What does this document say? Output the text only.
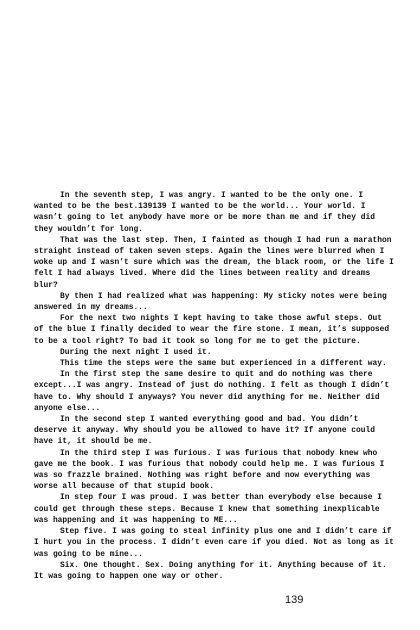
In the seventh step, I was angry. I wanted to be the only one. I wanted to be the best.139139 I wanted to be the world... Your world. I wasn’t going to let anybody have more or be more than me and if they did they wouldn’t for long.

That was the last step. Then, I fainted as though I had run a marathon straight instead of taken seven steps. Again the lines were blurred when I woke up and I wasn’t sure which was the dream, the black room, or the life I felt I had always lived. Where did the lines between reality and dreams blur?

By then I had realized what was happening: My sticky notes were being answered in my dreams...

For the next two nights I kept having to take those awful steps. Out of the blue I finally decided to wear the fire stone. I mean, it’s supposed to be a tool right? To bad it took so long for me to get the picture.

During the next night I used it.

This time the steps were the same but experienced in a different way.

In the first step the same desire to quit and do nothing was there except...I was angry. Instead of just do nothing. I felt as though I didn’t have to. Why should I anyways? You never did anything for me. Neither did anyone else...

In the second step I wanted everything good and bad. You didn’t deserve it anyway. Why should you be allowed to have it? If anyone could have it, it should be me.

In the third step I was furious. I was furious that nobody knew who gave me the book. I was furious that nobody could help me. I was furious I was so frazzle brained. Nothing was right before and now everything was worse all because of that stupid book.

In step four I was proud. I was better than everybody else because I could get through these steps. Because I knew that something inexplicable was happening and it was happening to ME...

Step five. I was going to steal infinity plus one and I didn’t care if I hurt you in the process. I didn’t even care if you died. Not as long as it was going to be mine...

Six. One thought. Sex. Doing anything for it. Anything because of it. It was going to happen one way or other.

139
